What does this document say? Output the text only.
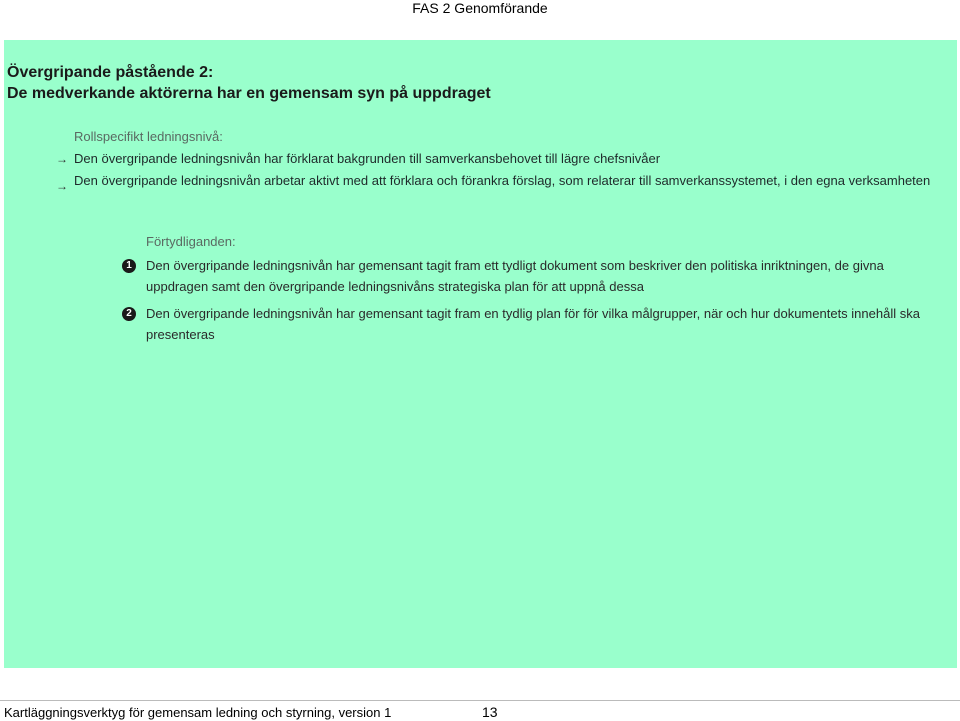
FAS 2 Genomförande
Övergripande påstående 2:
De medverkande aktörerna har en gemensam syn på uppdraget
Rollspecifikt ledningsnivå:
→ Den övergripande ledningsnivån har förklarat bakgrunden till samverkansbehovet till lägre chefsnivåer
→ Den övergripande ledningsnivån arbetar aktivt med att förklara och förankra förslag, som relaterar till samverkanssystemet, i den egna verksamheten
Förtydliganden:
1	Den övergripande ledningsnivån har gemensant tagit fram ett tydligt dokument som beskriver den politiska inriktningen, de givna uppdragen samt den övergripande ledningsnivåns strategiska plan för att uppnå dessa
2	Den övergripande ledningsnivån har gemensant tagit fram en tydlig plan för för vilka målgrupper, när och hur dokumentets innehåll ska presenteras
Kartläggningsverktyg för gemensam ledning och styrning, version 1	13
